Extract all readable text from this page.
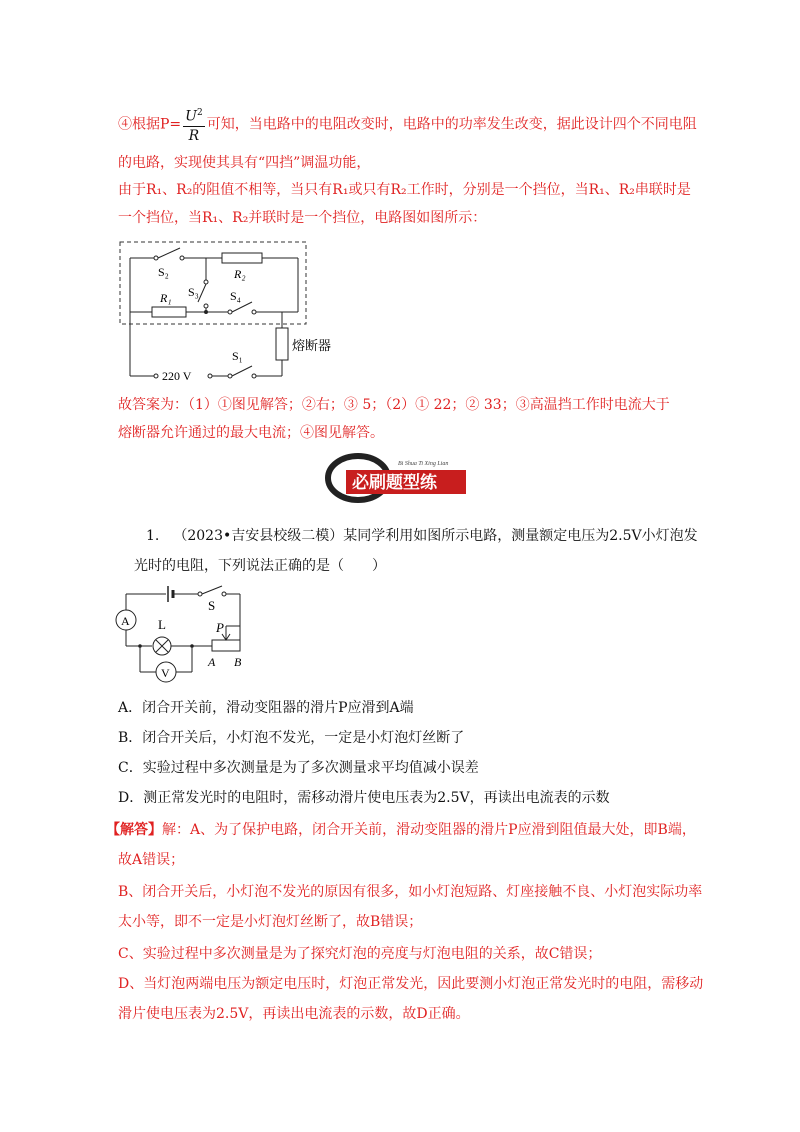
④根据$P= \frac{U^2}{R}$ 可知，当电路中的电阻改变时，电路中的功率发生改变，据此设计四个不同电阻
的电路，实现使其具有“四挡”调温功能，
由于R₁、R₂的阻值不相等，当只有R₁或只有R₂工作时，分别是一个挡位，当R₁、R₂串联时是
一个挡位，当R₁、R₂并联时是一个挡位，电路图如图所示：
S₂	R₂
S₃
R₁	S₄
熔断器
220 V
S₁
故答案为：（1）①图见解答；②右；③ 5；（2）① 22；② 33；③高温挡工作时电流大于
熔断器允许通过的最大电流；④图见解答。
必刷题型练
Bi Shua Ti Xing Lian
1. （2023•吉安县校级二模）某同学利用如图所示电路，测量额定电压为2.5V小灯泡发
光时的电阻，下列说法正确的是（　　）
S
A L	P
A B
V
A．闭合开关前，滑动变阻器的滑片P应滑到A端
B．闭合开关后，小灯泡不发光，一定是小灯泡灯丝断了
C．实验过程中多次测量是为了多次测量求平均值减小误差
D．测正常发光时的电阻时，需移动滑片使电压表为2.5V，再读出电流表的示数
【解答】解：A、为了保护电路，闭合开关前，滑动变阻器的滑片P应滑到阻值最大处，即B端，
故A错误；
B、闭合开关后，小灯泡不发光的原因有很多，如小灯泡短路、灯座接触不良、小灯泡实际功率
太小等，即不一定是小灯泡灯丝断了，故B错误；
C、实验过程中多次测量是为了探究灯泡的亮度与灯泡电阻的关系，故C错误；
D、当灯泡两端电压为额定电压时，灯泡正常发光，因此要测小灯泡正常发光时的电阻，需移动
滑片使电压表为2.5V，再读出电流表的示数，故D正确。
